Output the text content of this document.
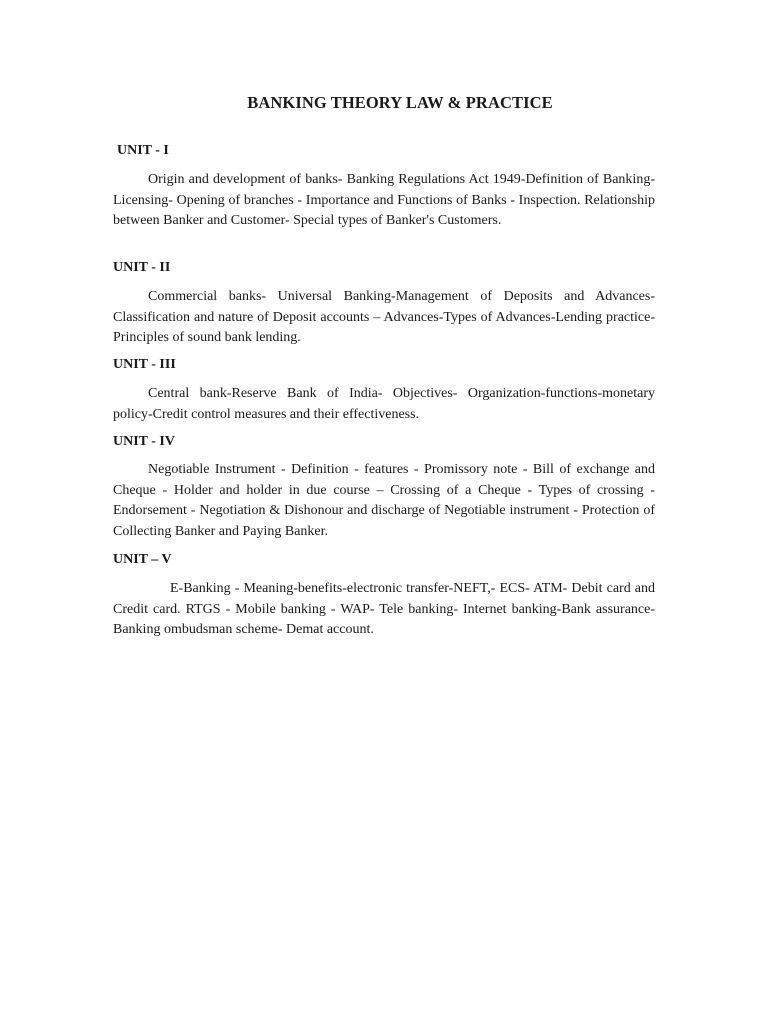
BANKING THEORY LAW & PRACTICE
UNIT - I

Origin and development of banks- Banking Regulations Act 1949-Definition of Banking-Licensing- Opening of branches - Importance and Functions of Banks - Inspection. Relationship between Banker and Customer- Special types of Banker's Customers.

UNIT - II

Commercial banks- Universal Banking-Management of Deposits and Advances-Classification and nature of Deposit accounts – Advances-Types of Advances-Lending practice- Principles of sound bank lending.

UNIT - III

Central bank-Reserve Bank of India- Objectives- Organization-functions-monetary policy-Credit control measures and their effectiveness.

UNIT - IV

Negotiable Instrument - Definition - features - Promissory note - Bill of exchange and Cheque - Holder and holder in due course – Crossing of a Cheque - Types of crossing - Endorsement - Negotiation & Dishonour and discharge of Negotiable instrument - Protection of Collecting Banker and Paying Banker.

UNIT – V

E-Banking - Meaning-benefits-electronic transfer-NEFT,- ECS- ATM- Debit card and Credit card. RTGS - Mobile banking - WAP- Tele banking- Internet banking-Bank assurance- Banking ombudsman scheme- Demat account.
